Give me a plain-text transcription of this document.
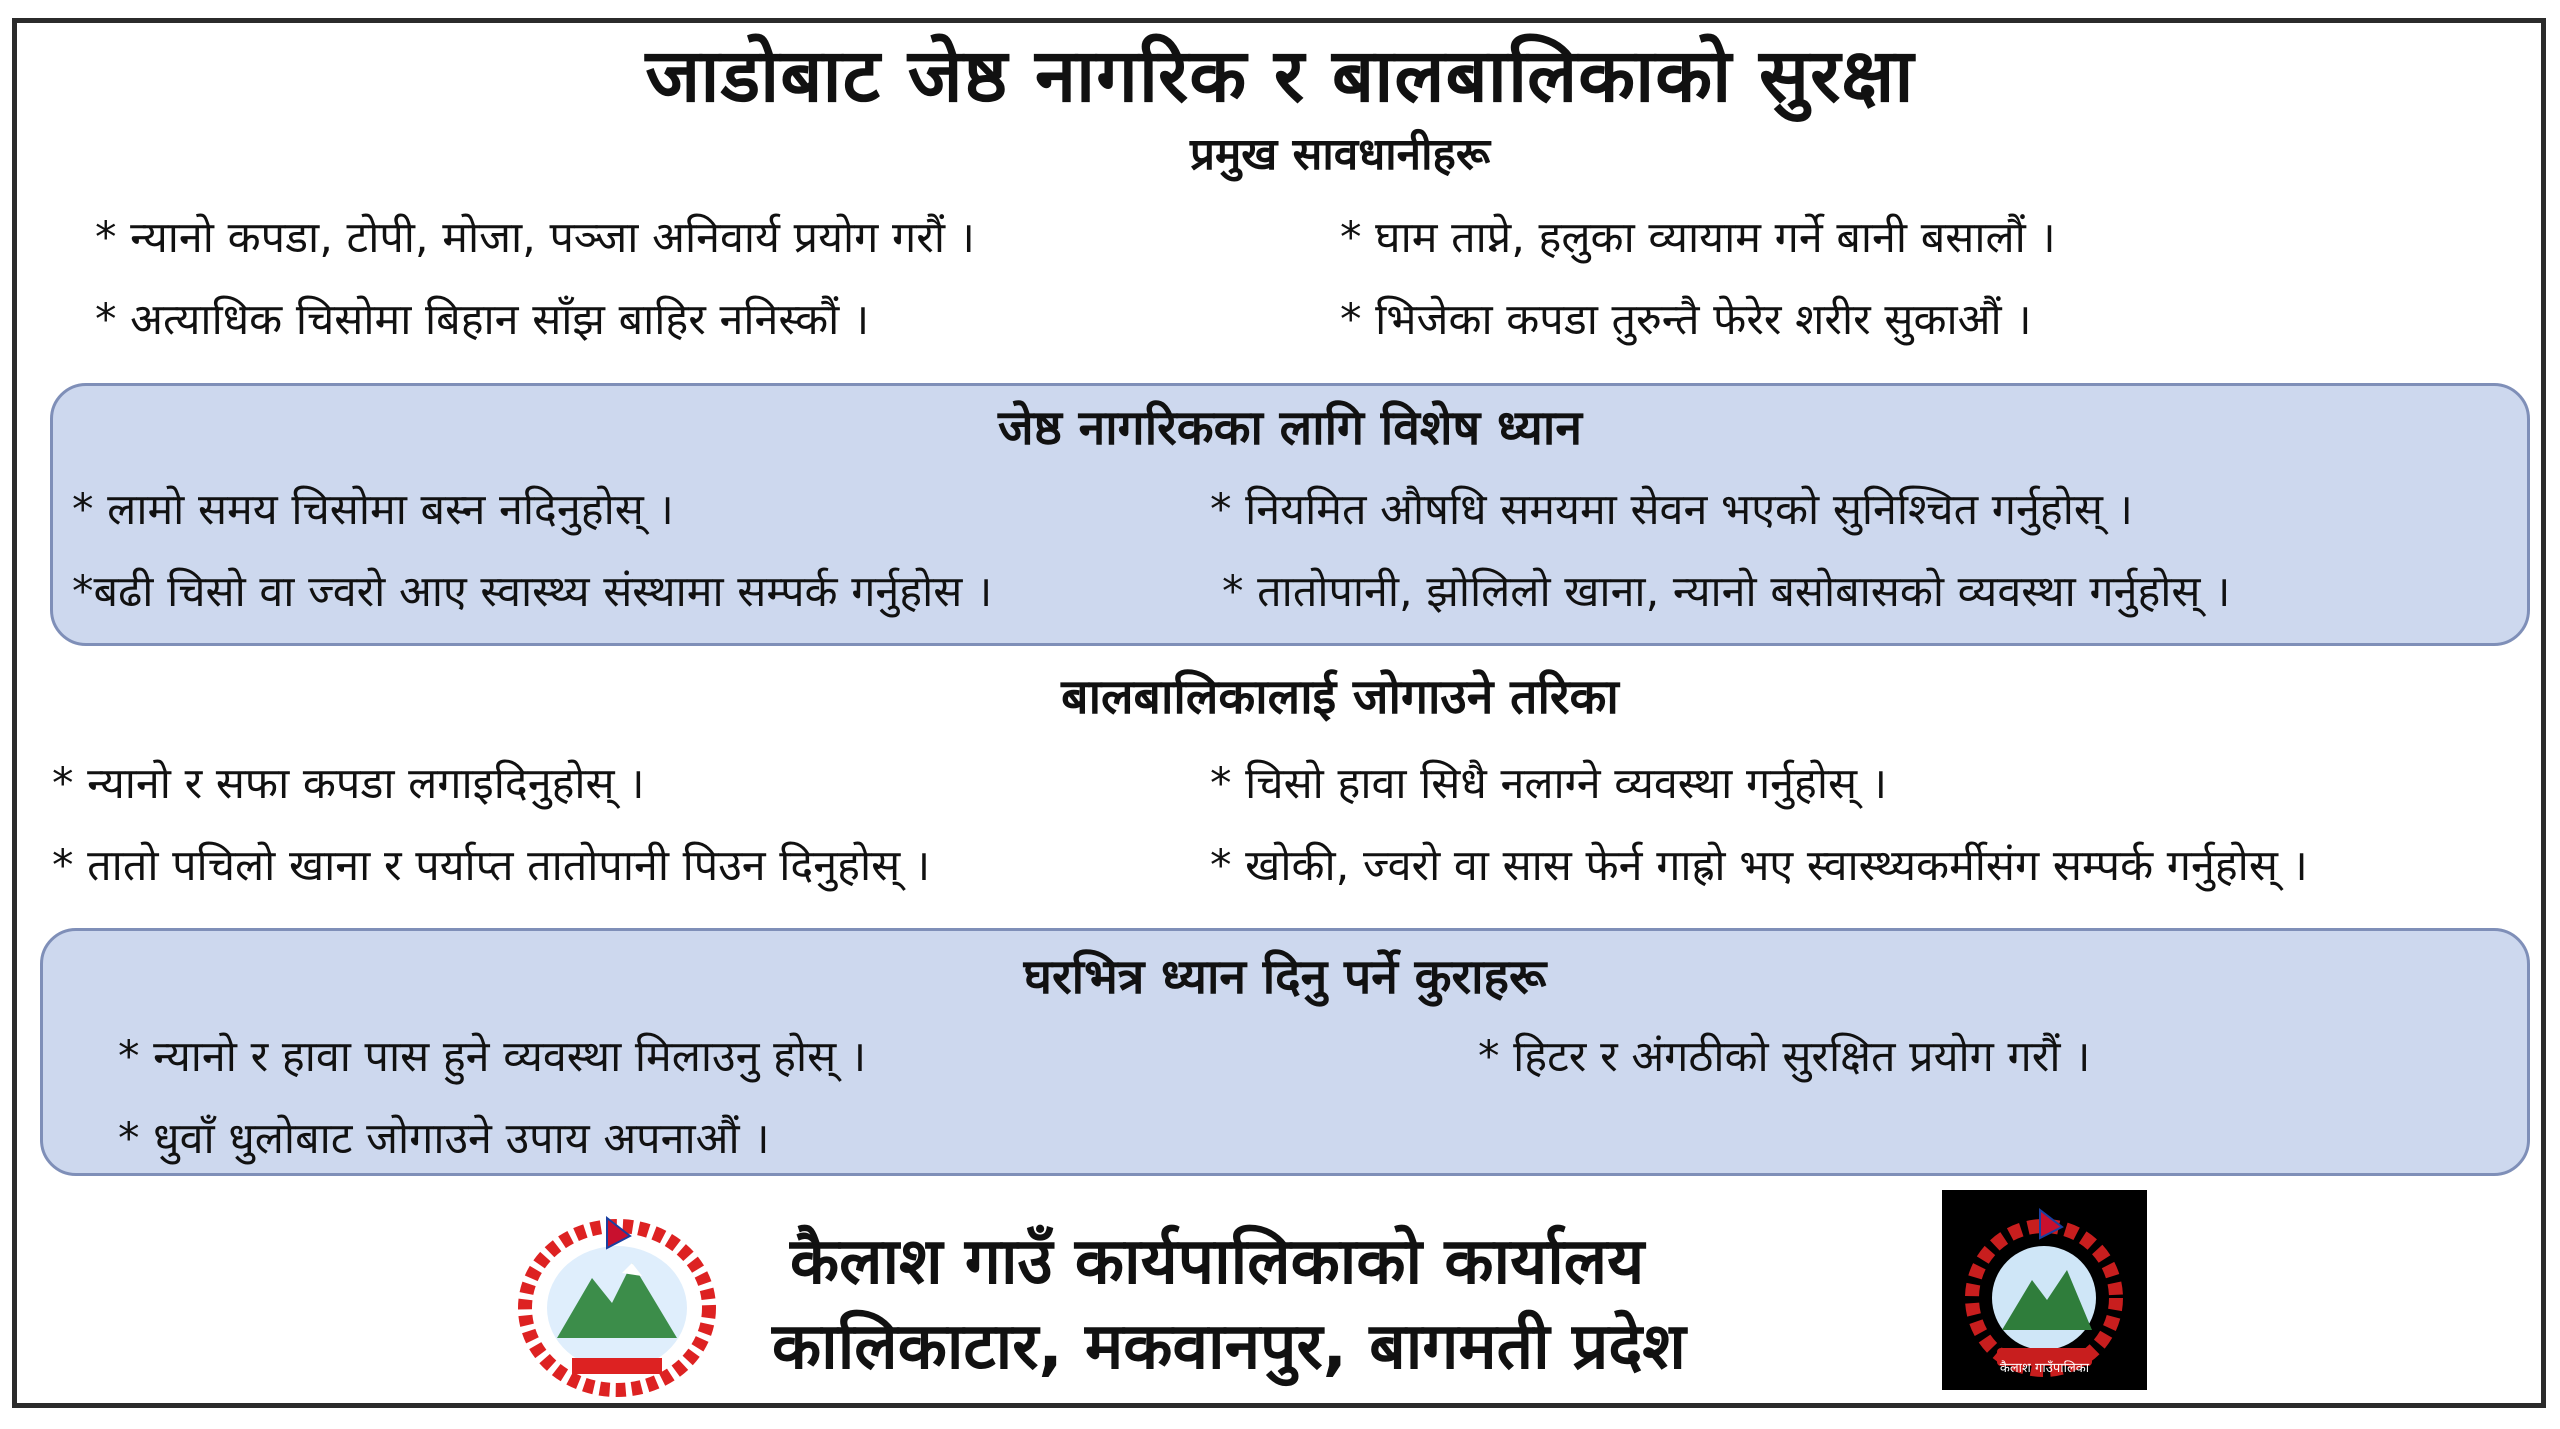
जाडोबाट जेष्ठ नागरिक र बालबालिकाको सुरक्षा
प्रमुख सावधानीहरू
* न्यानो कपडा, टोपी, मोजा, पञ्जा अनिवार्य प्रयोग गरौं ।	* घाम ताप्ने, हलुका व्यायाम गर्ने बानी बसालौं ।
* अत्याधिक चिसोमा बिहान साँझ बाहिर ननिस्कौं ।	* भिजेका कपडा तुरुन्तै फेरेर शरीर सुकाऔं ।
जेष्ठ नागरिकका लागि विशेष ध्यान
* लामो समय चिसोमा बस्न नदिनुहोस् ।	* नियमित औषधि समयमा सेवन भएको सुनिश्चित गर्नुहोस् ।
*बढी चिसो वा ज्वरो आए स्वास्थ्य संस्थामा सम्पर्क गर्नुहोस ।	* तातोपानी, झोलिलो खाना, न्यानो बसोबासको व्यवस्था गर्नुहोस् ।
बालबालिकालाई जोगाउने तरिका
* न्यानो र सफा कपडा लगाइदिनुहोस् ।	* चिसो हावा सिधै नलाग्ने व्यवस्था गर्नुहोस् ।
* तातो पचिलो खाना र पर्याप्त तातोपानी पिउन दिनुहोस् ।	* खोकी, ज्वरो वा सास फेर्न गाह्रो भए स्वास्थ्यकर्मीसंग सम्पर्क गर्नुहोस् ।
घरभित्र ध्यान दिनु पर्ने कुराहरू
* न्यानो र हावा पास हुने व्यवस्था मिलाउनु होस् ।	* हिटर र अंगठीको सुरक्षित प्रयोग गरौं ।
* धुवाँ धुलोबाट जोगाउने उपाय अपनाऔं ।
कैलाश गाउँ कार्यपालिकाको कार्यालय
कालिकाटार, मकवानपुर, बागमती प्रदेश	कैलाश गाउँपालिका
